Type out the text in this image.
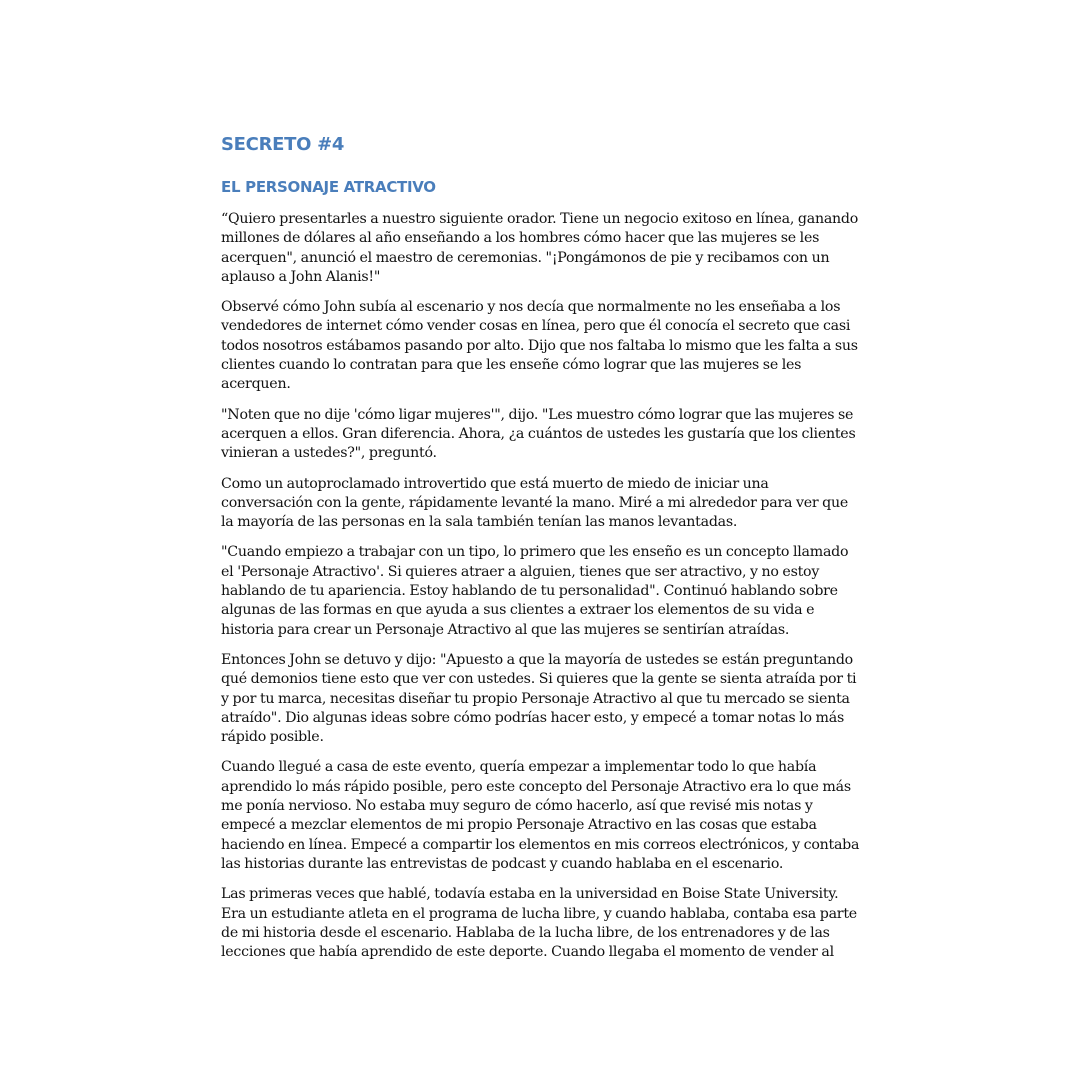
SECRETO #4
EL PERSONAJE ATRACTIVO

“Quiero presentarles a nuestro siguiente orador. Tiene un negocio exitoso en línea, ganando millones de dólares al año enseñando a los hombres cómo hacer que las mujeres se les acerquen", anunció el maestro de ceremonias. "¡Pongámonos de pie y recibamos con un aplauso a John Alanis!"

Observé cómo John subía al escenario y nos decía que normalmente no les enseñaba a los vendedores de internet cómo vender cosas en línea, pero que él conocía el secreto que casi todos nosotros estábamos pasando por alto. Dijo que nos faltaba lo mismo que les falta a sus clientes cuando lo contratan para que les enseñe cómo lograr que las mujeres se les acerquen.

"Noten que no dije 'cómo ligar mujeres'", dijo. "Les muestro cómo lograr que las mujeres se acerquen a ellos. Gran diferencia. Ahora, ¿a cuántos de ustedes les gustaría que los clientes vinieran a ustedes?", preguntó.

Como un autoproclamado introvertido que está muerto de miedo de iniciar una conversación con la gente, rápidamente levanté la mano. Miré a mi alrededor para ver que la mayoría de las personas en la sala también tenían las manos levantadas.

"Cuando empiezo a trabajar con un tipo, lo primero que les enseño es un concepto llamado el 'Personaje Atractivo'. Si quieres atraer a alguien, tienes que ser atractivo, y no estoy hablando de tu apariencia. Estoy hablando de tu personalidad". Continuó hablando sobre algunas de las formas en que ayuda a sus clientes a extraer los elementos de su vida e historia para crear un Personaje Atractivo al que las mujeres se sentirían atraídas.

Entonces John se detuvo y dijo: "Apuesto a que la mayoría de ustedes se están preguntando qué demonios tiene esto que ver con ustedes. Si quieres que la gente se sienta atraída por ti y por tu marca, necesitas diseñar tu propio Personaje Atractivo al que tu mercado se sienta atraído". Dio algunas ideas sobre cómo podrías hacer esto, y empecé a tomar notas lo más rápido posible.

Cuando llegué a casa de este evento, quería empezar a implementar todo lo que había aprendido lo más rápido posible, pero este concepto del Personaje Atractivo era lo que más me ponía nervioso. No estaba muy seguro de cómo hacerlo, así que revisé mis notas y empecé a mezclar elementos de mi propio Personaje Atractivo en las cosas que estaba haciendo en línea. Empecé a compartir los elementos en mis correos electrónicos, y contaba las historias durante las entrevistas de podcast y cuando hablaba en el escenario.

Las primeras veces que hablé, todavía estaba en la universidad en Boise State University. Era un estudiante atleta en el programa de lucha libre, y cuando hablaba, contaba esa parte de mi historia desde el escenario. Hablaba de la lucha libre, de los entrenadores y de las lecciones que había aprendido de este deporte. Cuando llegaba el momento de vender al
